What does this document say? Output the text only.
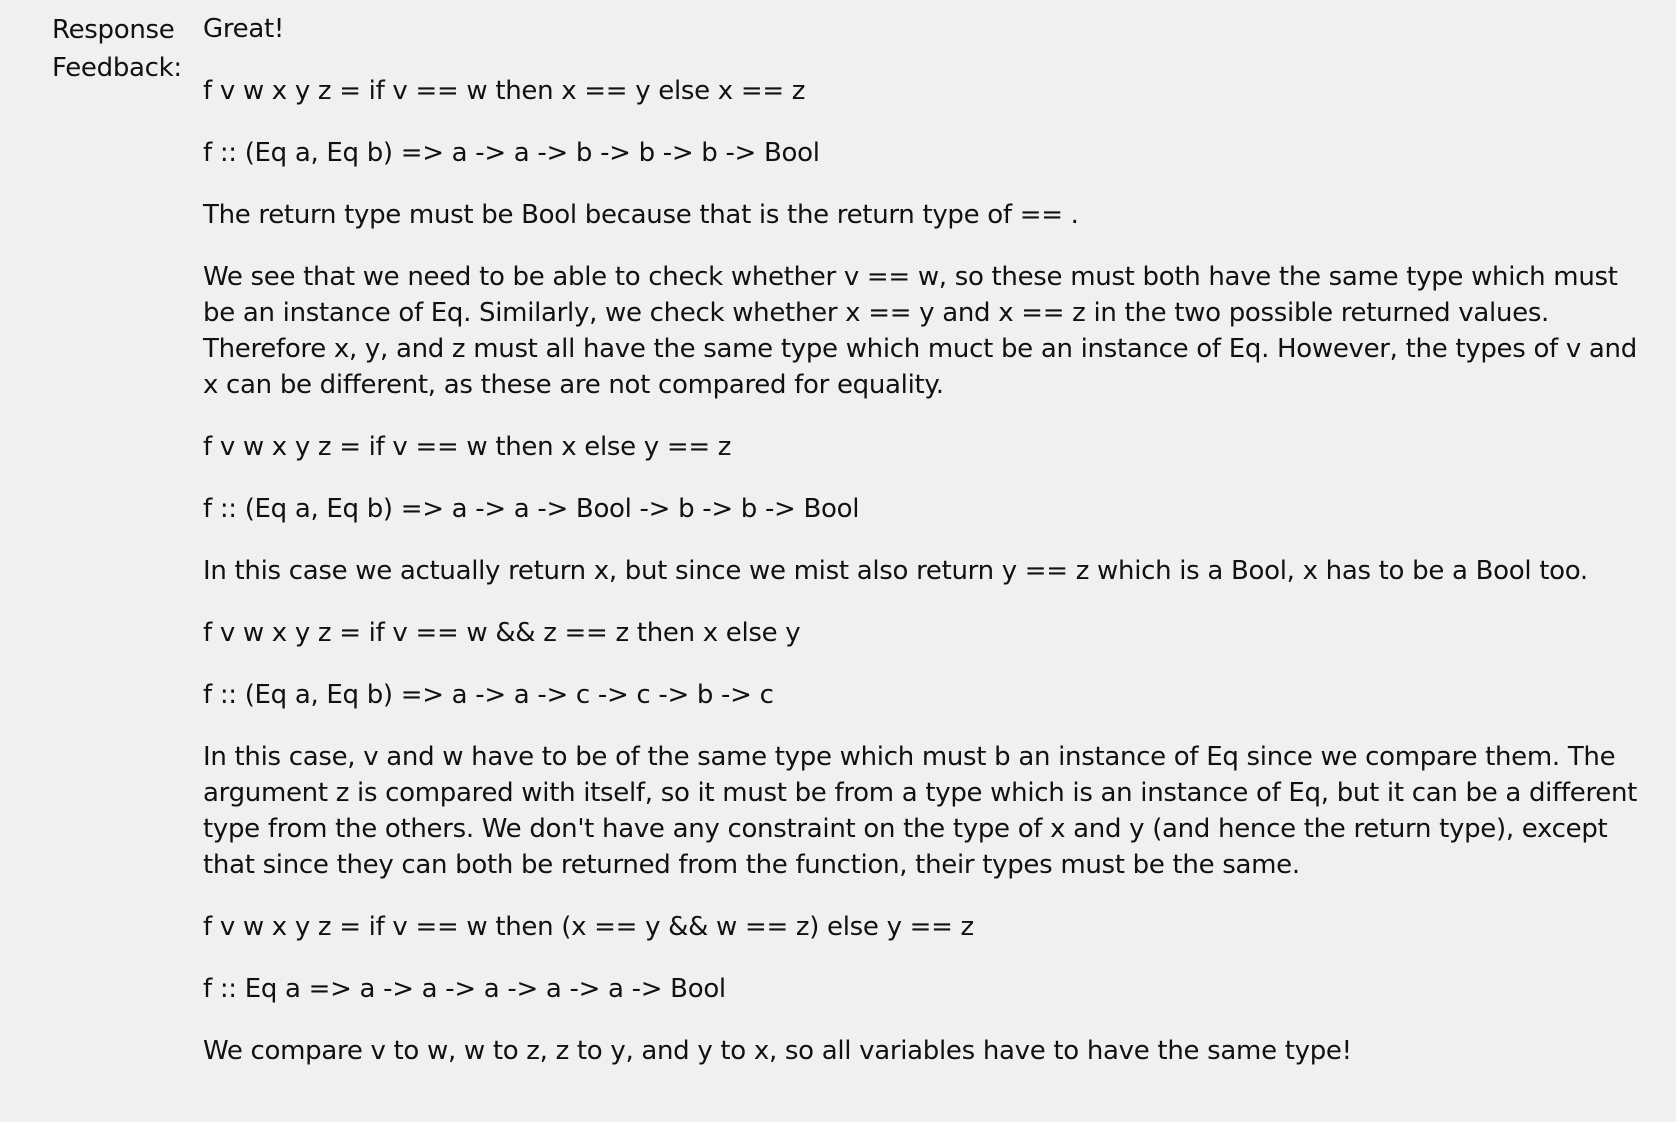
Response Feedback:

Great!

f v w x y z = if v == w then x == y else x == z

f :: (Eq a, Eq b) => a -> a -> b -> b -> b -> Bool

The return type must be Bool because that is the return type of == .

We see that we need to be able to check whether v == w, so these must both have the same type which must be an instance of Eq. Similarly, we check whether x == y and x == z in the two possible returned values. Therefore x, y, and z must all have the same type which muct be an instance of Eq. However, the types of v and x can be different, as these are not compared for equality.

f v w x y z = if v == w then x else y == z

f :: (Eq a, Eq b) => a -> a -> Bool -> b -> b -> Bool

In this case we actually return x, but since we mist also return y == z which is a Bool, x has to be a Bool too.

f v w x y z = if v == w && z == z then x else y

f :: (Eq a, Eq b) => a -> a -> c -> c -> b -> c

In this case, v and w have to be of the same type which must b an instance of Eq since we compare them. The argument z is compared with itself, so it must be from a type which is an instance of Eq, but it can be a different type from the others. We don't have any constraint on the type of x and y (and hence the return type), except that since they can both be returned from the function, their types must be the same.

f v w x y z = if v == w then (x == y && w == z) else y == z

f :: Eq a => a -> a -> a -> a -> a -> Bool

We compare v to w, w to z, z to y, and y to x, so all variables have to have the same type!
